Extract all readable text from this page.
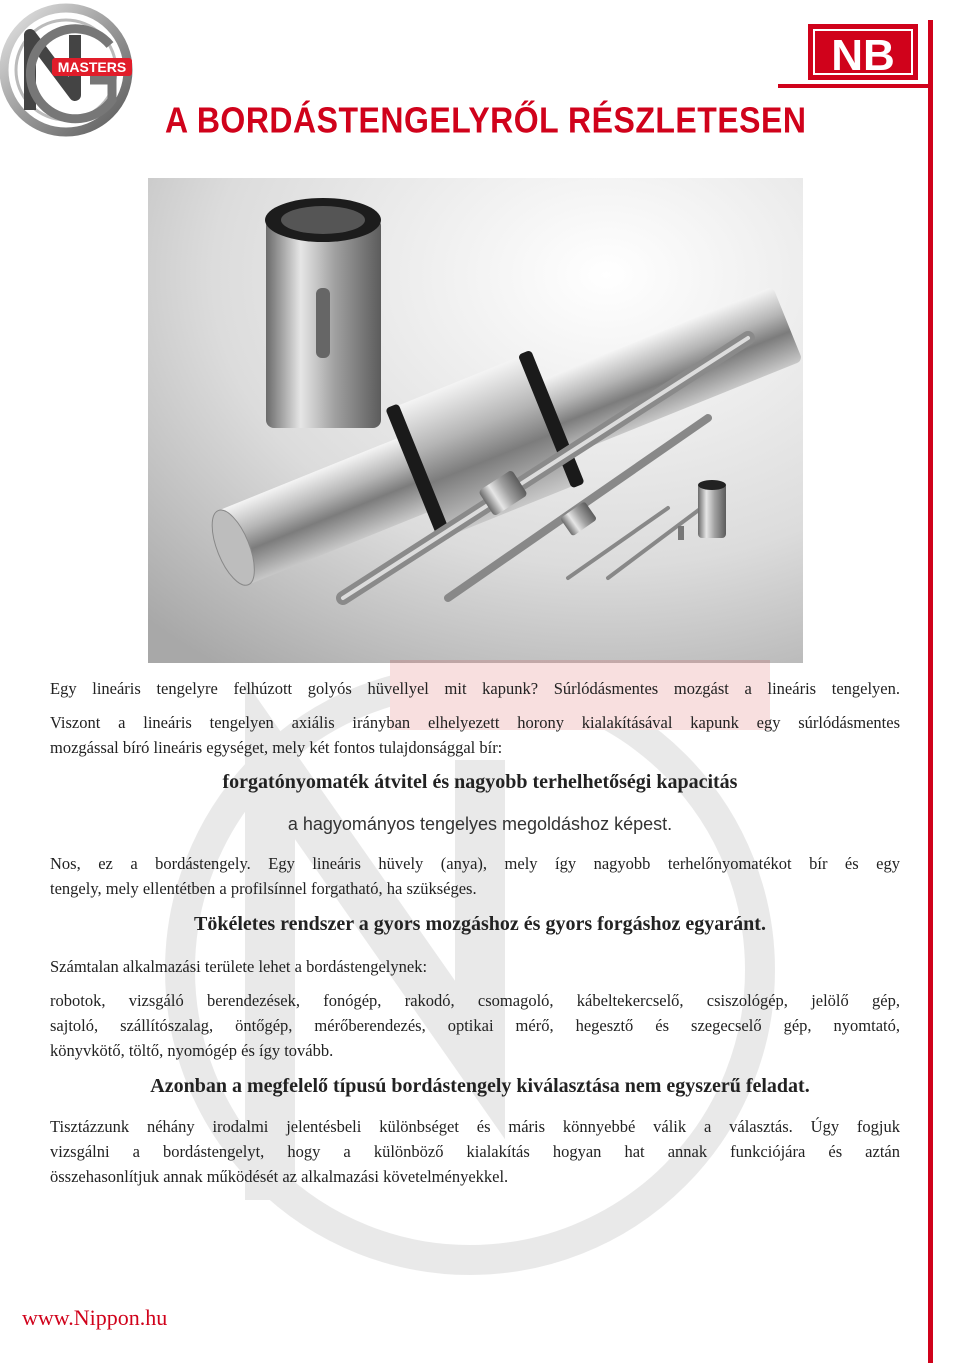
MASTERS	NB
A BORDÁSTENGELYRŐL RÉSZLETESEN
Egy lineáris tengelyre felhúzott golyós hüvellyel mit kapunk? Súrlódásmentes mozgást a lineáris tengelyen.
Viszont a lineáris tengelyen axiális irányban elhelyezett horony kialakításával kapunk egy súrlódásmentes
mozgással bíró lineáris egységet, mely két fontos tulajdonsággal bír:
forgatónyomaték átvitel és nagyobb terhelhetőségi kapacitás
a hagyományos tengelyes megoldáshoz képest.
Nos, ez a bordástengely. Egy lineáris hüvely (anya), mely így nagyobb terhelőnyomatékot bír és egy
tengely, mely ellentétben a profilsínnel forgatható, ha szükséges.
Tökéletes rendszer a gyors mozgáshoz és gyors forgáshoz egyaránt.
Számtalan alkalmazási területe lehet a bordástengelynek:
robotok, vizsgáló berendezések, fonógép, rakodó, csomagoló, kábeltekercselő, csiszológép, jelölő gép,
sajtoló, szállítószalag, öntőgép, mérőberendezés, optikai mérő, hegesztő és szegecselő gép, nyomtató,
könyvkötő, töltő, nyomógép és így tovább.
Azonban a megfelelő típusú bordástengely kiválasztása nem egyszerű feladat.
Tisztázzunk néhány irodalmi jelentésbeli különbséget és máris könnyebbé válik a választás. Úgy fogjuk
vizsgálni a bordástengelyt, hogy a különböző kialakítás hogyan hat annak funkciójára és aztán
összehasonlítjuk annak működését az alkalmazási követelményekkel.
www.Nippon.hu
